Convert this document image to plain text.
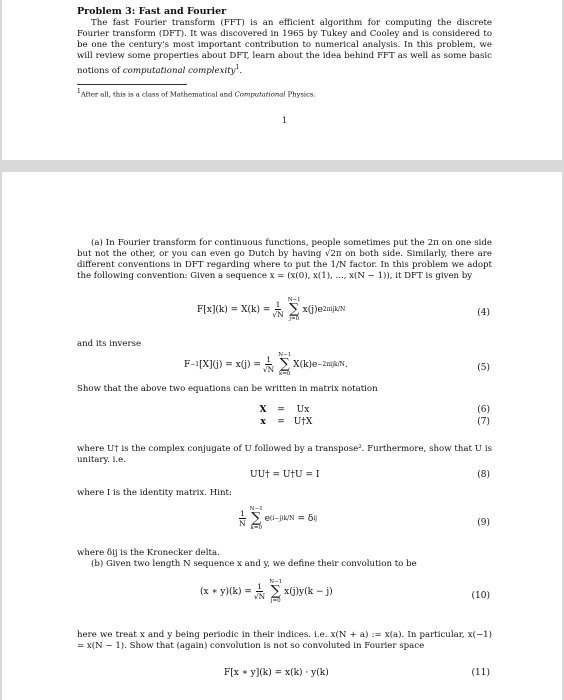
Problem 3: Fast and Fourier
The fast Fourier transform (FFT) is an efficient algorithm for computing the discrete Fourier transform (DFT). It was discovered in 1965 by Tukey and Cooley and is considered to be one the century's most important contribution to numerical analysis. In this problem, we will review some properties about DFT, learn about the idea behind FFT as well as some basic notions of computational complexity$^1$.
$^1$After all, this is a class of Mathematical and Computational Physics.
1
(a) In Fourier transform for continuous functions, people sometimes put the 2π on one side but not the other, or you can even go Dutch by having √2π on both side. Similarly, there are different conventions in DFT regarding where to put the 1/N factor. In this problem we adopt the following convention: Given a sequence x = (x(0), x(1), ..., x(N − 1)), it DFT is given by
$F[x](k) = X(k) = \frac{1}{√N} N-1$
∑
j=0
x(j)e 2πijk/N	(4)
and its inverse
F −1 $[X](j) = x(j) = \frac{1}{√N} N-1$
∑
k=0
X(k)e −2πijk/N .	(5)
Show that the above two equations can be written in matrix notation
X	=	Ux
x	= U†X
(6)
(7)
where U† is the complex conjugate of U followed by a transpose². Furthermore, show that U is unitary. i.e.
UU† = U†U = I	(8)
where I is the identity matrix. Hint:
$\frac{1}{N} N-1$
∑
k=0
e (i−j)k/N = δ ij	(9)
where δij is the Kronecker delta.
(b) Given two length N sequence x and y, we define their convolution to be
(x ∗ $y)(k) = \frac{1}{√N} N-1$
∑
j=0
x(j)y(k − j)	(10)
here we treat x and y being periodic in their indices. i.e. x(N + a) := x(a). In particular, x(−1) = x(N − 1). Show that (again) convolution is not so convoluted in Fourier space
F[x ∗ y](k) = x(k) · y(k)	(11)
